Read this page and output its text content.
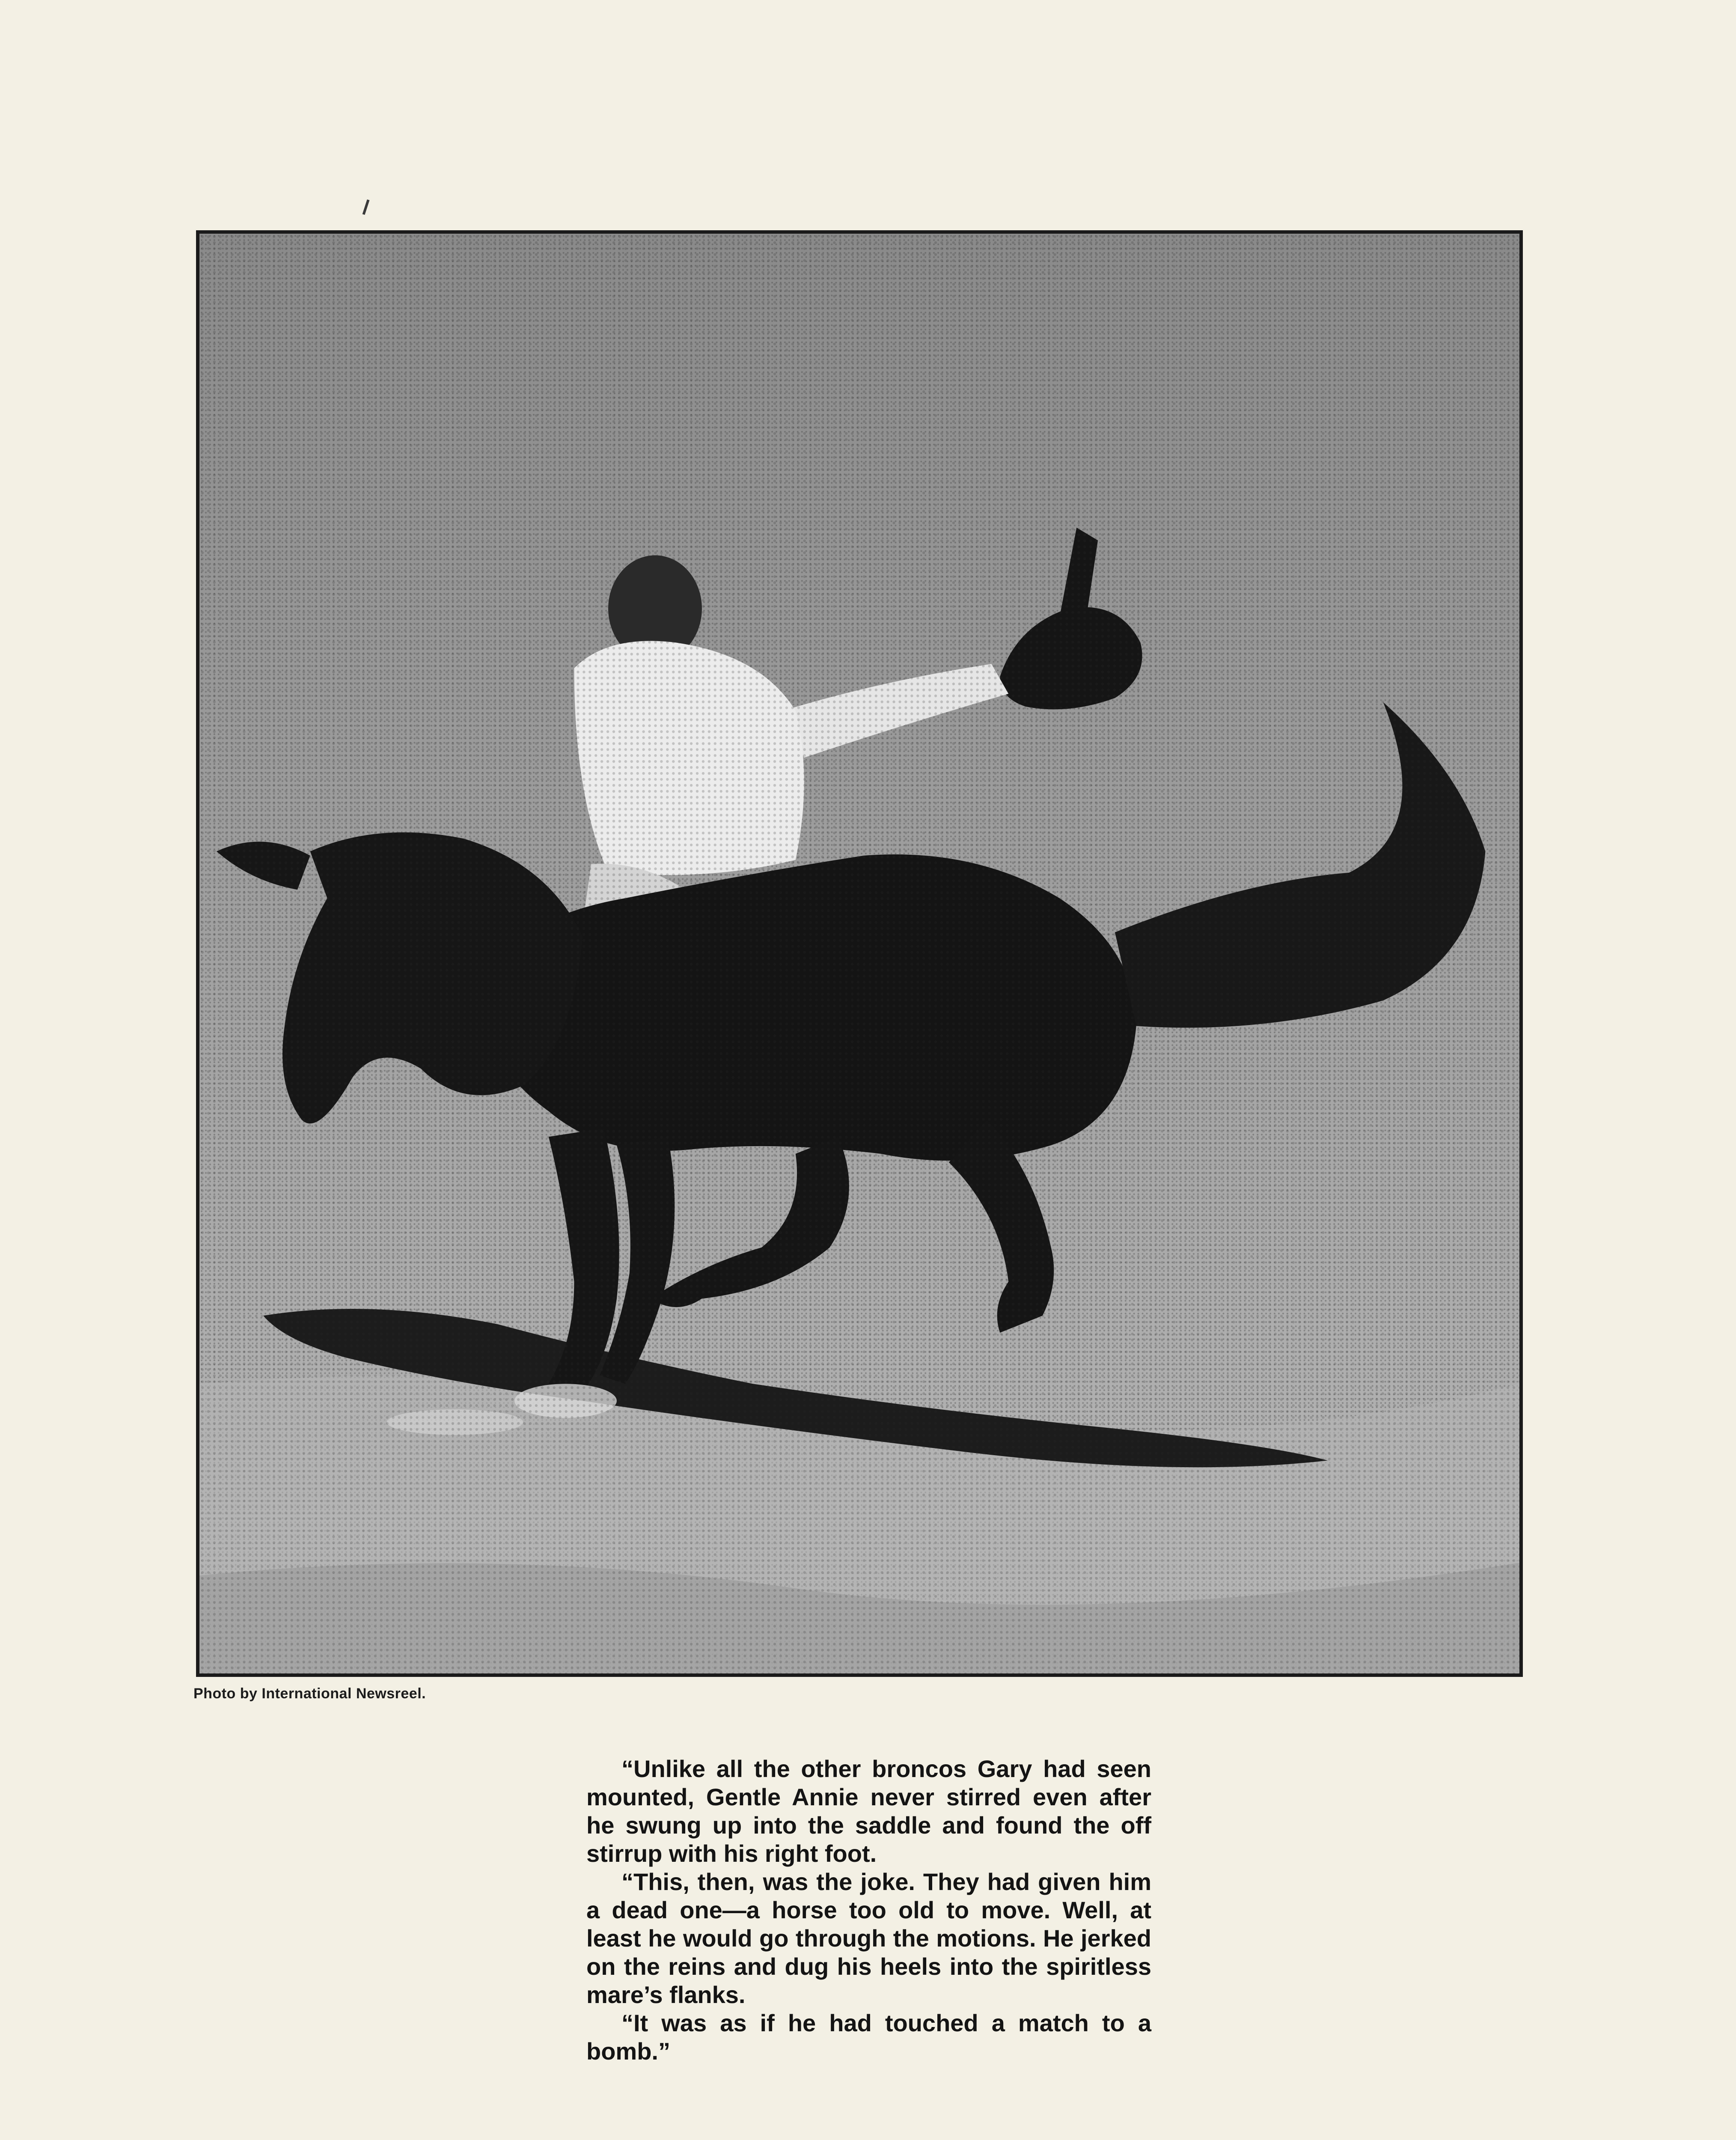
Photo by International Newsreel.

“Unlike all the other broncos Gary had seen mounted, Gentle Annie never stirred even after he swung up into the saddle and found the off stirrup with his right foot.

“This, then, was the joke. They had given him a dead one—a horse too old to move. Well, at least he would go through the motions. He jerked on the reins and dug his heels into the spiritless mare’s flanks.

“It was as if he had touched a match to a bomb.”
